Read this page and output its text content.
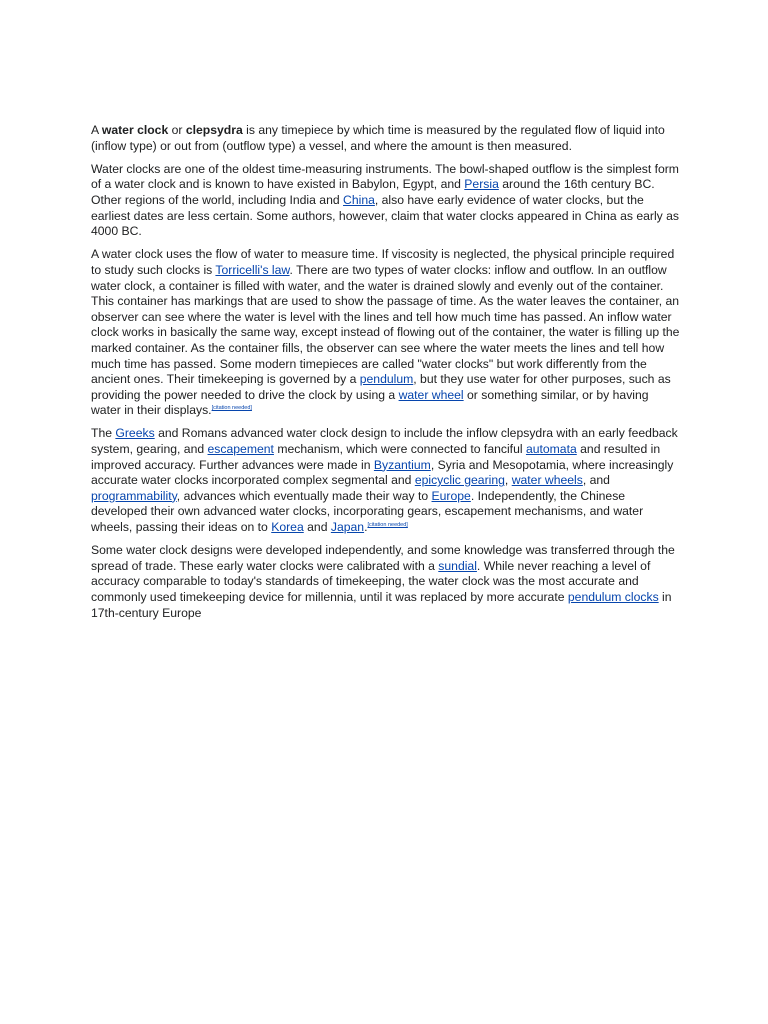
A water clock or clepsydra is any timepiece by which time is measured by the regulated flow of liquid into (inflow type) or out from (outflow type) a vessel, and where the amount is then measured.

Water clocks are one of the oldest time-measuring instruments. The bowl-shaped outflow is the simplest form of a water clock and is known to have existed in Babylon, Egypt, and Persia around the 16th century BC. Other regions of the world, including India and China, also have early evidence of water clocks, but the earliest dates are less certain. Some authors, however, claim that water clocks appeared in China as early as 4000 BC.

A water clock uses the flow of water to measure time. If viscosity is neglected, the physical principle required to study such clocks is Torricelli's law. There are two types of water clocks: inflow and outflow. In an outflow water clock, a container is filled with water, and the water is drained slowly and evenly out of the container. This container has markings that are used to show the passage of time. As the water leaves the container, an observer can see where the water is level with the lines and tell how much time has passed. An inflow water clock works in basically the same way, except instead of flowing out of the container, the water is filling up the marked container. As the container fills, the observer can see where the water meets the lines and tell how much time has passed. Some modern timepieces are called "water clocks" but work differently from the ancient ones. Their timekeeping is governed by a pendulum, but they use water for other purposes, such as providing the power needed to drive the clock by using a water wheel or something similar, or by having water in their displays.[citation needed]

The Greeks and Romans advanced water clock design to include the inflow clepsydra with an early feedback system, gearing, and escapement mechanism, which were connected to fanciful automata and resulted in improved accuracy. Further advances were made in Byzantium, Syria and Mesopotamia, where increasingly accurate water clocks incorporated complex segmental and epicyclic gearing, water wheels, and programmability, advances which eventually made their way to Europe. Independently, the Chinese developed their own advanced water clocks, incorporating gears, escapement mechanisms, and water wheels, passing their ideas on to Korea and Japan.[citation needed]

Some water clock designs were developed independently, and some knowledge was transferred through the spread of trade. These early water clocks were calibrated with a sundial. While never reaching a level of accuracy comparable to today's standards of timekeeping, the water clock was the most accurate and commonly used timekeeping device for millennia, until it was replaced by more accurate pendulum clocks in 17th-century Europe
